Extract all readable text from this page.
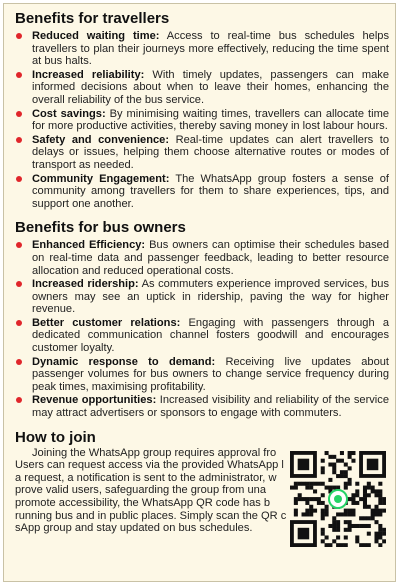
Benefits for travellers
Reduced waiting time: Access to real-time bus schedules helps travellers to plan their journeys more effectively, reducing the time spent at bus halts.
Increased reliability: With timely updates, passengers can make informed decisions about when to leave their homes, enhancing the overall reliability of the bus service.
Cost savings: By minimising waiting times, travellers can allocate time for more productive activities, thereby saving money in lost labour hours.
Safety and convenience: Real-time updates can alert travellers to delays or issues, helping them choose alternative routes or modes of transport as needed.
Community Engagement: The WhatsApp group fosters a sense of community among travellers for them to share experiences, tips, and support one another.
Benefits for bus owners
Enhanced Efficiency: Bus owners can optimise their schedules based on real-time data and passenger feedback, leading to better resource allocation and reduced operational costs.
Increased ridership: As commuters experience improved services, bus owners may see an uptick in ridership, paving the way for higher revenue.
Better customer relations: Engaging with passengers through a dedicated communication channel fosters goodwill and encourages customer loyalty.
Dynamic response to demand: Receiving live updates about passenger volumes for bus owners to change service frequency during peak times, maximising profitability.
Revenue opportunities: Increased visibility and reliability of the service may attract advertisers or sponsors to engage with commuters.
How to join
Joining the WhatsApp group requires approval fro
Users can request access via the provided WhatsApp l
a request, a notification is sent to the administrator, w
prove valid users, safeguarding the group from una
promote accessibility, the WhatsApp QR code has b
running bus and in public places. Simply scan the QR c
sApp group and stay updated on bus schedules.
